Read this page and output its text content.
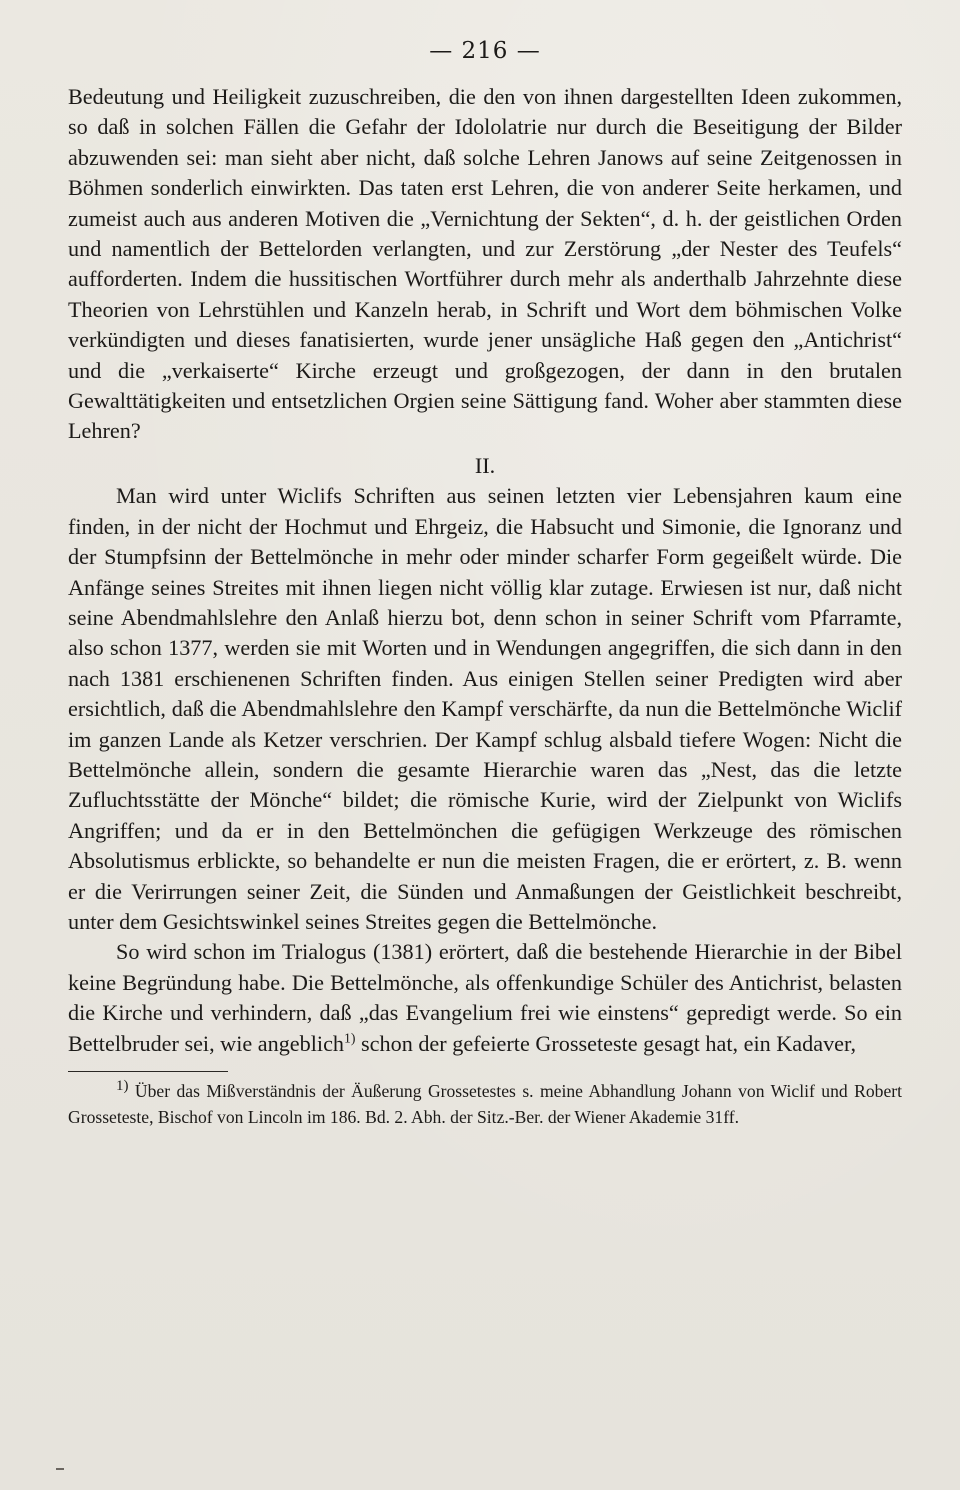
— 216 —

Bedeutung und Heiligkeit zuzuschreiben, die den von ihnen dargestellten Ideen zukommen, so daß in solchen Fällen die Gefahr der Idololatrie nur durch die Beseitigung der Bilder abzuwenden sei: man sieht aber nicht, daß solche Lehren Janows auf seine Zeitgenossen in Böhmen sonderlich einwirkten. Das taten erst Lehren, die von anderer Seite herkamen, und zumeist auch aus anderen Motiven die „Vernichtung der Sekten“, d. h. der geistlichen Orden und namentlich der Bettelorden verlangten, und zur Zerstörung „der Nester des Teufels“ aufforderten. Indem die hussitischen Wortführer durch mehr als anderthalb Jahrzehnte diese Theorien von Lehrstühlen und Kanzeln herab, in Schrift und Wort dem böhmischen Volke verkündigten und dieses fanatisierten, wurde jener unsägliche Haß gegen den „Antichrist“ und die „verkaiserte“ Kirche erzeugt und großgezogen, der dann in den brutalen Gewalttätigkeiten und entsetzlichen Orgien seine Sättigung fand. Woher aber stammten diese Lehren?

II.

Man wird unter Wiclifs Schriften aus seinen letzten vier Lebensjahren kaum eine finden, in der nicht der Hochmut und Ehrgeiz, die Habsucht und Simonie, die Ignoranz und der Stumpfsinn der Bettelmönche in mehr oder minder scharfer Form gegeißelt würde. Die Anfänge seines Streites mit ihnen liegen nicht völlig klar zutage. Erwiesen ist nur, daß nicht seine Abendmahlslehre den Anlaß hierzu bot, denn schon in seiner Schrift vom Pfarramte, also schon 1377, werden sie mit Worten und in Wendungen angegriffen, die sich dann in den nach 1381 erschienenen Schriften finden. Aus einigen Stellen seiner Predigten wird aber ersichtlich, daß die Abendmahlslehre den Kampf verschärfte, da nun die Bettelmönche Wiclif im ganzen Lande als Ketzer verschrien. Der Kampf schlug alsbald tiefere Wogen: Nicht die Bettelmönche allein, sondern die gesamte Hierarchie waren das „Nest, das die letzte Zufluchtsstätte der Mönche“ bildet; die römische Kurie, wird der Zielpunkt von Wiclifs Angriffen; und da er in den Bettelmönchen die gefügigen Werkzeuge des römischen Absolutismus erblickte, so behandelte er nun die meisten Fragen, die er erörtert, z. B. wenn er die Verirrungen seiner Zeit, die Sünden und Anmaßungen der Geistlichkeit beschreibt, unter dem Gesichtswinkel seines Streites gegen die Bettelmönche.

So wird schon im Trialogus (1381) erörtert, daß die bestehende Hierarchie in der Bibel keine Begründung habe. Die Bettelmönche, als offenkundige Schüler des Antichrist, belasten die Kirche und verhindern, daß „das Evangelium frei wie einstens“ gepredigt werde. So ein Bettelbruder sei, wie angeblich$^{1)}$ schon der gefeierte Grosseteste gesagt hat, ein Kadaver,

$^{1)}$ Über das Mißverständnis der Äußerung Grossetestes s. meine Abhandlung Johann von Wiclif und Robert Grosseteste, Bischof von Lincoln im 186. Bd. 2. Abh. der Sitz.-Ber. der Wiener Akademie 31ff.
